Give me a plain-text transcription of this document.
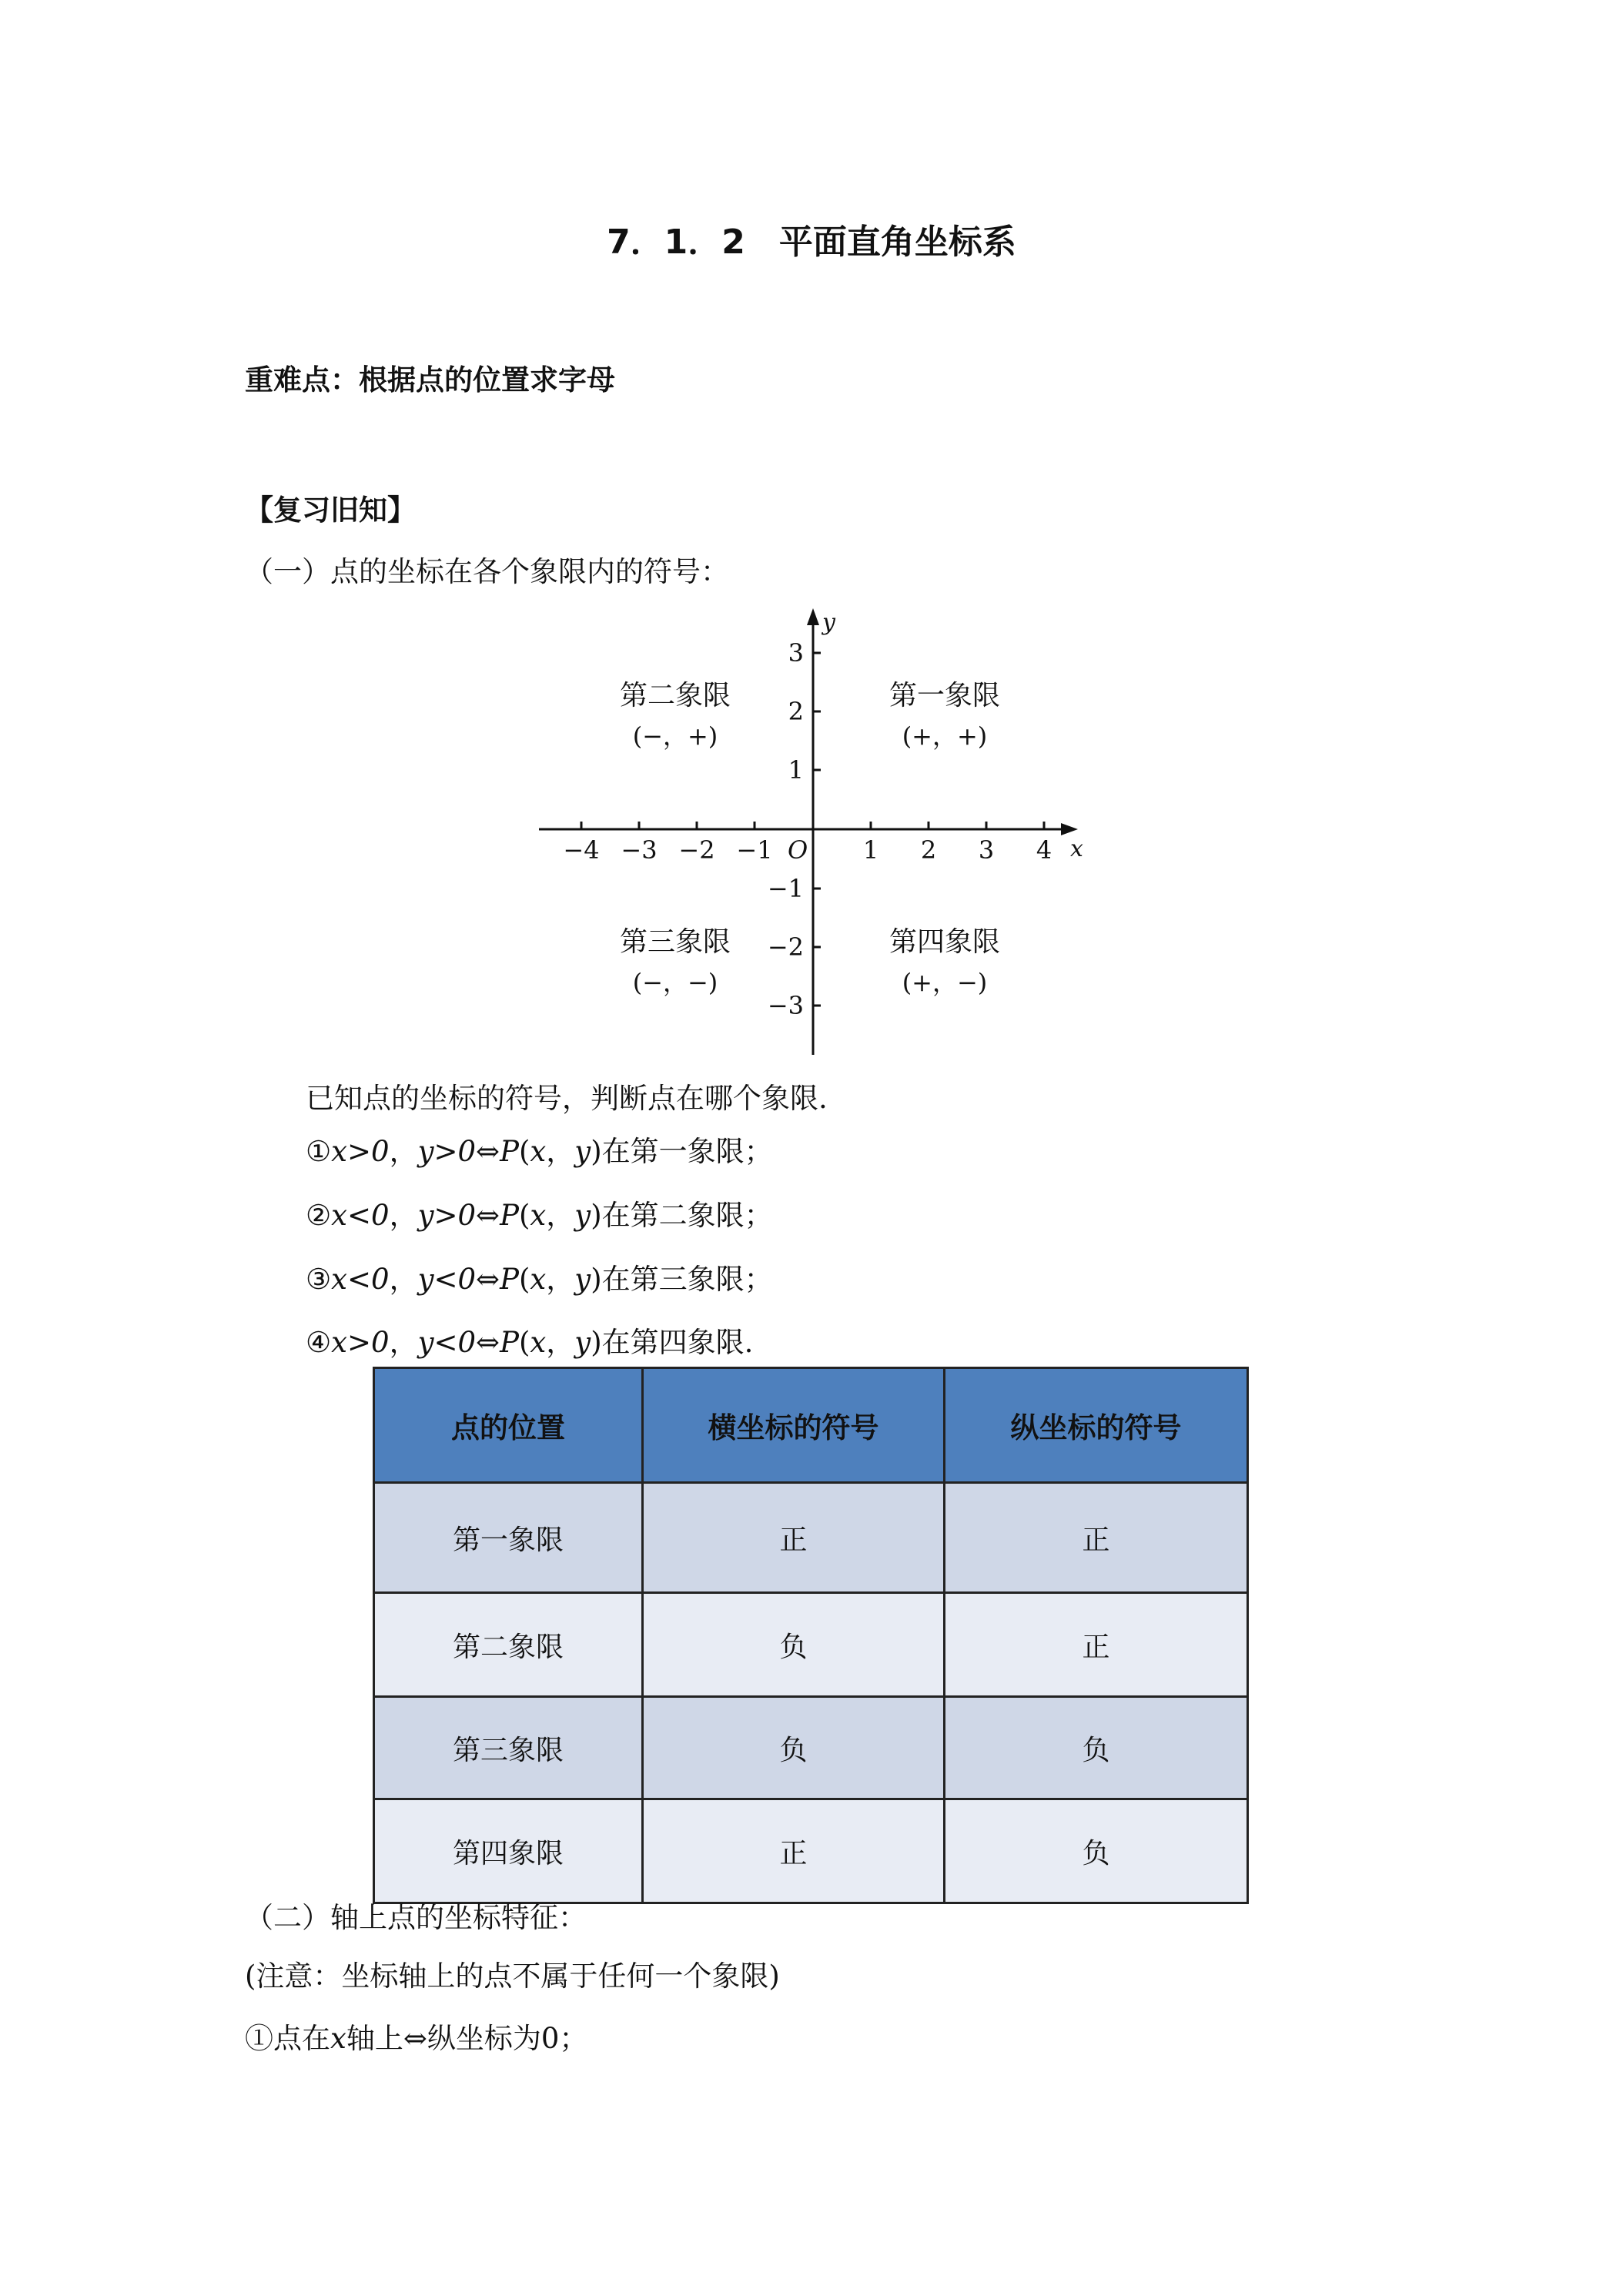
7．1．2　平面直角坐标系
重难点：根据点的位置求字母
【复习旧知】
（一）点的坐标在各个象限内的符号：
−4 −3 −2 −1	1 2 3 4
O	x
y
3
2
1
−1
−2
−3
第二象限
(−，+)
第一象限
(+，+)
第三象限
(−，−)
第四象限
(+，−)
已知点的坐标的符号，判断点在哪个象限.
①x>0，y>0⇔P(x，y)在第一象限；
②x<0，y>0⇔P(x，y)在第二象限；
③x<0，y<0⇔P(x，y)在第三象限；
④x>0，y<0⇔P(x，y)在第四象限.
点的位置	横坐标的符号	纵坐标的符号
第一象限	正	正
第二象限	负	正
第三象限	负	负
第四象限	正	负
（二）轴上点的坐标特征：
(注意：坐标轴上的点不属于任何一个象限)
①点在x轴上⇔纵坐标为0；
